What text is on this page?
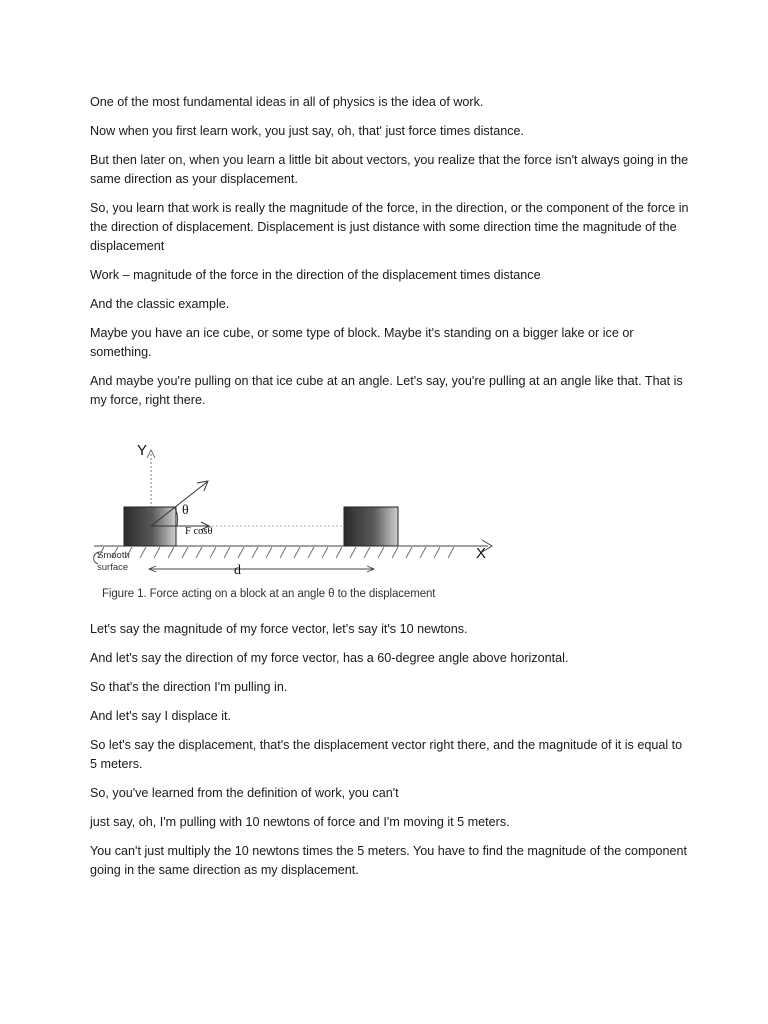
One of the most fundamental ideas in all of physics is the idea of work.

Now when you first learn work, you just say, oh, that' just force times distance.

But then later on, when you learn a little bit about vectors, you realize that the force isn't always going in the same direction as your displacement.

So, you learn that work is really the magnitude of the force, in the direction, or the component of the force in the direction of displacement. Displacement is just distance with some direction time the magnitude of the displacement

Work – magnitude of the force in the direction of the displacement times distance

And the classic example.

Maybe you have an ice cube, or some type of block. Maybe it's standing on a bigger lake or ice or something.

And maybe you're pulling on that ice cube at an angle. Let's say, you're pulling at an angle like that. That is my force, right there.

Y
X
θ
F cosθ
d
Smooth
surface
Figure 1. Force acting on a block at an angle θ to the displacement

Let's say the magnitude of my force vector, let's say it's 10 newtons.

And let's say the direction of my force vector, has a 60-degree angle above horizontal.

So that's the direction I'm pulling in.

And let's say I displace it.

So let's say the displacement, that's the displacement vector right there, and the magnitude of it is equal to 5 meters.

So, you've learned from the definition of work, you can't

just say, oh, I'm pulling with 10 newtons of force and I'm moving it 5 meters.

You can't just multiply the 10 newtons times the 5 meters. You have to find the magnitude of the component going in the same direction as my displacement.
